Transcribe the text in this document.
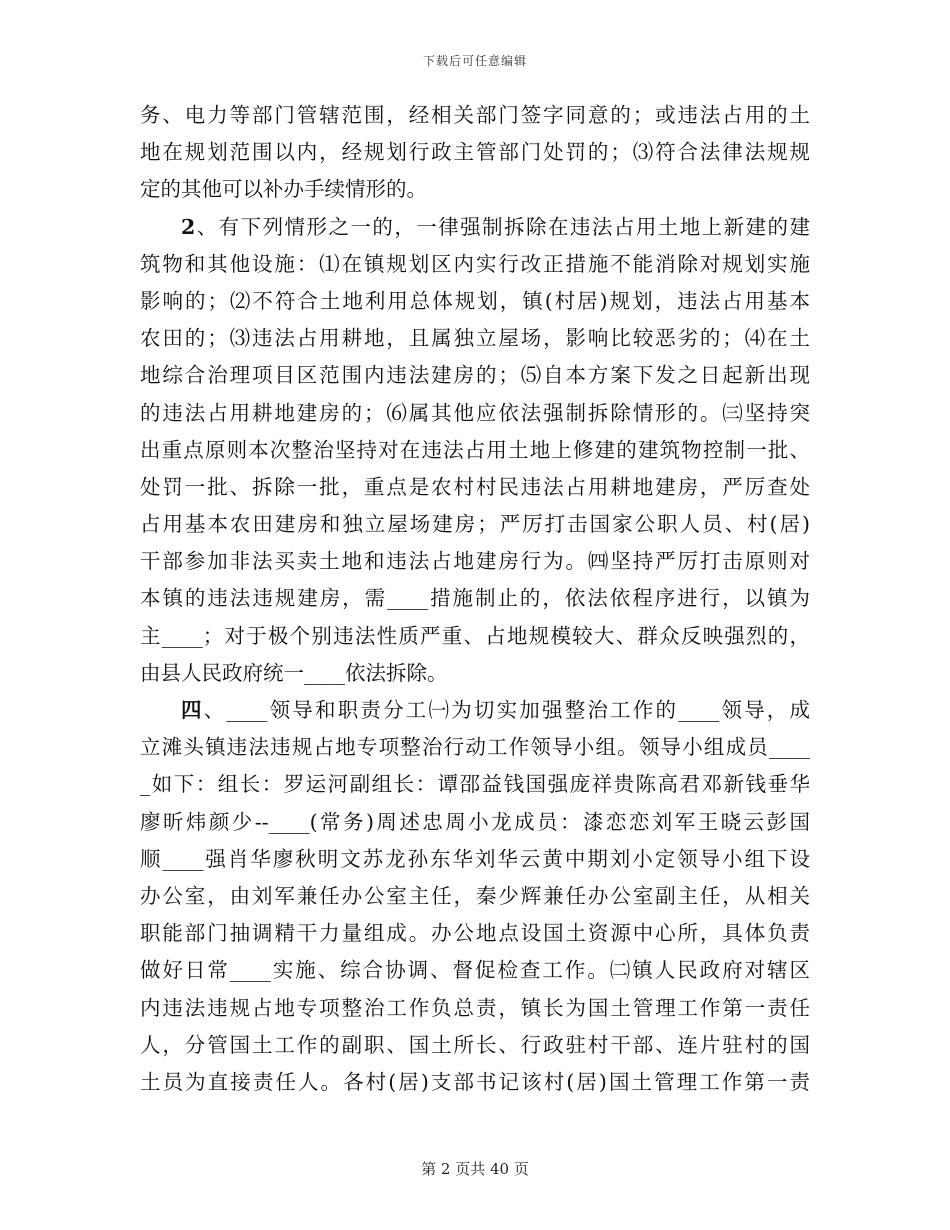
下载后可任意编辑
务、电力等部门管辖范围，经相关部门签字同意的；或违法占用的土
地在规划范围以内，经规划行政主管部门处罚的；⑶符合法律法规规
定的其他可以补办手续情形的。
2、有下列情形之一的，一律强制拆除在违法占用土地上新建的建
筑物和其他设施：⑴在镇规划区内实行改正措施不能消除对规划实施
影响的；⑵不符合土地利用总体规划，镇(村居)规划，违法占用基本
农田的；⑶违法占用耕地，且属独立屋场，影响比较恶劣的；⑷在土
地综合治理项目区范围内违法建房的；⑸自本方案下发之日起新出现
的违法占用耕地建房的；⑹属其他应依法强制拆除情形的。㈢坚持突
出重点原则本次整治坚持对在违法占用土地上修建的建筑物控制一批、
处罚一批、拆除一批，重点是农村村民违法占用耕地建房，严厉查处
占用基本农田建房和独立屋场建房；严厉打击国家公职人员、村(居)
干部参加非法买卖土地和违法占地建房行为。㈣坚持严厉打击原则对
本镇的违法违规建房，需____措施制止的，依法依程序进行，以镇为
主____；对于极个别违法性质严重、占地规模较大、群众反映强烈的，
由县人民政府统一____依法拆除。
四、____领导和职责分工㈠为切实加强整治工作的____领导，成
立滩头镇违法违规占地专项整治行动工作领导小组。领导小组成员____
_如下：组长：罗运河副组长：谭邵益钱国强庞祥贵陈高君邓新钱垂华
廖昕炜颜少--____(常务)周述忠周小龙成员：漆恋恋刘军王晓云彭国
顺____强肖华廖秋明文苏龙孙东华刘华云黄中期刘小定领导小组下设
办公室，由刘军兼任办公室主任，秦少辉兼任办公室副主任，从相关
职能部门抽调精干力量组成。办公地点设国土资源中心所，具体负责
做好日常____实施、综合协调、督促检查工作。㈡镇人民政府对辖区
内违法违规占地专项整治工作负总责，镇长为国土管理工作第一责任
人，分管国土工作的副职、国土所长、行政驻村干部、连片驻村的国
土员为直接责任人。各村(居)支部书记该村(居)国土管理工作第一责
第 2 页共 40 页
